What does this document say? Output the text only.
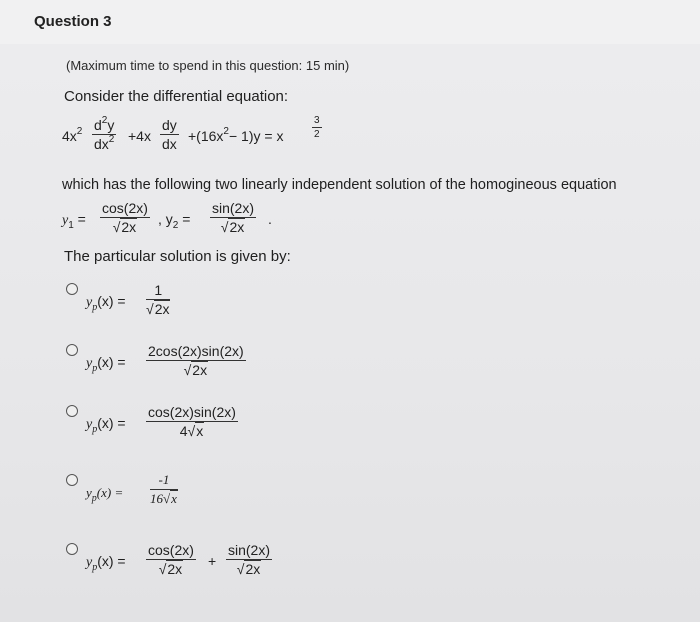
Question 3
(Maximum time to spend in this question: 15 min)
Consider the differential equation:
$4x^2 \frac{d^2y}{dx^2} +4x \frac{dy}{dx} +(16x^2- 1)y = x$	$\frac{3}{2}$
which has the following two linearly independent solution of the homogineous equation
$y_1 = \frac{\cos(2x)}{√2x}$ , $y_2 = \frac{\sin(2x)}{√2x}$ .
The particular solution is given by:
$y_p(x) = \frac{1}{√2x}$
$y_p(x) = \frac{2\cos(2x)\sin(2x)}{√2x}$
$y_p(x) = \frac{\cos(2x)\sin(2x)}{4√x}$
$y_p(x) = \frac{-1}{16√x}$
$y_p(x) = \frac{\cos(2x)}{√2x} + \frac{\sin(2x)}{√2x}$
